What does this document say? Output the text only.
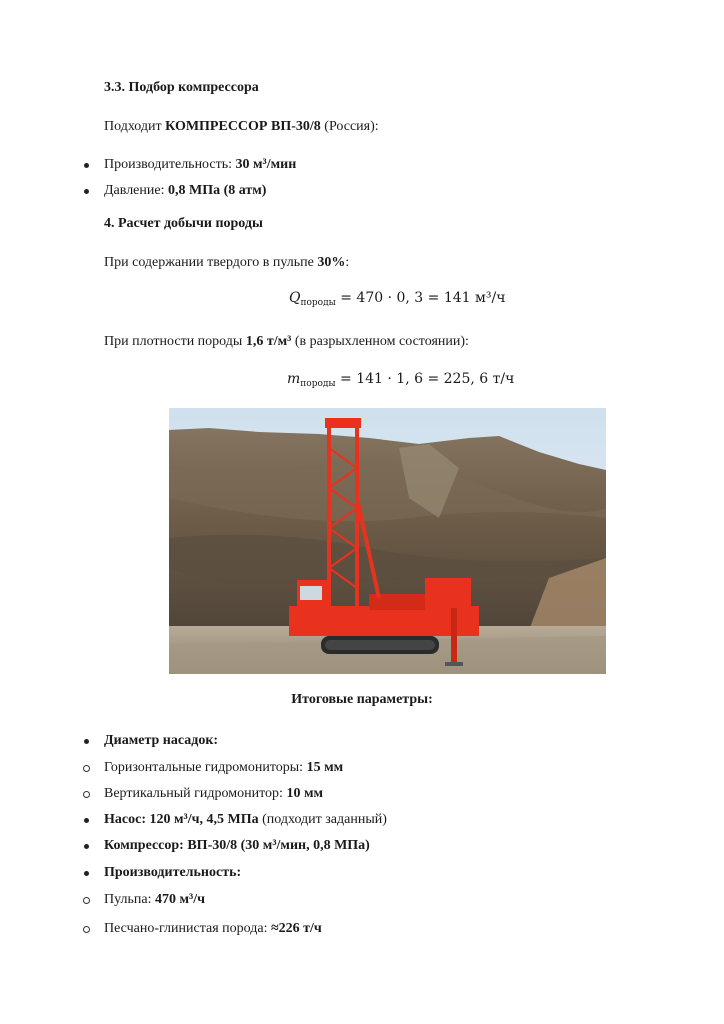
3.3. Подбор компрессора
Подходит КОМПРЕССОР ВП-30/8 (Россия):
Производительность: 30 м³/мин
Давление: 0,8 МПа (8 атм)
4. Расчет добычи породы
При содержании твердого в пульпе 30%:
$Q_{породы} = 470 \cdot 0$, 3 = 141 м³/ч
При плотности породы 1,6 т/м³ (в разрыхленном состоянии):
$m_{породы} = 141 \cdot 1$, 6 = 225, 6 т/ч
Итоговые параметры:
Диаметр насадок:
Горизонтальные гидромониторы: 15 мм
Вертикальный гидромонитор: 10 мм
Насос: 120 м³/ч, 4,5 МПа (подходит заданный)
Компрессор: ВП-30/8 (30 м³/мин, 0,8 МПа)
Производительность:
Пульпа: 470 м³/ч
Песчано-глинистая порода: ≈226 т/ч
